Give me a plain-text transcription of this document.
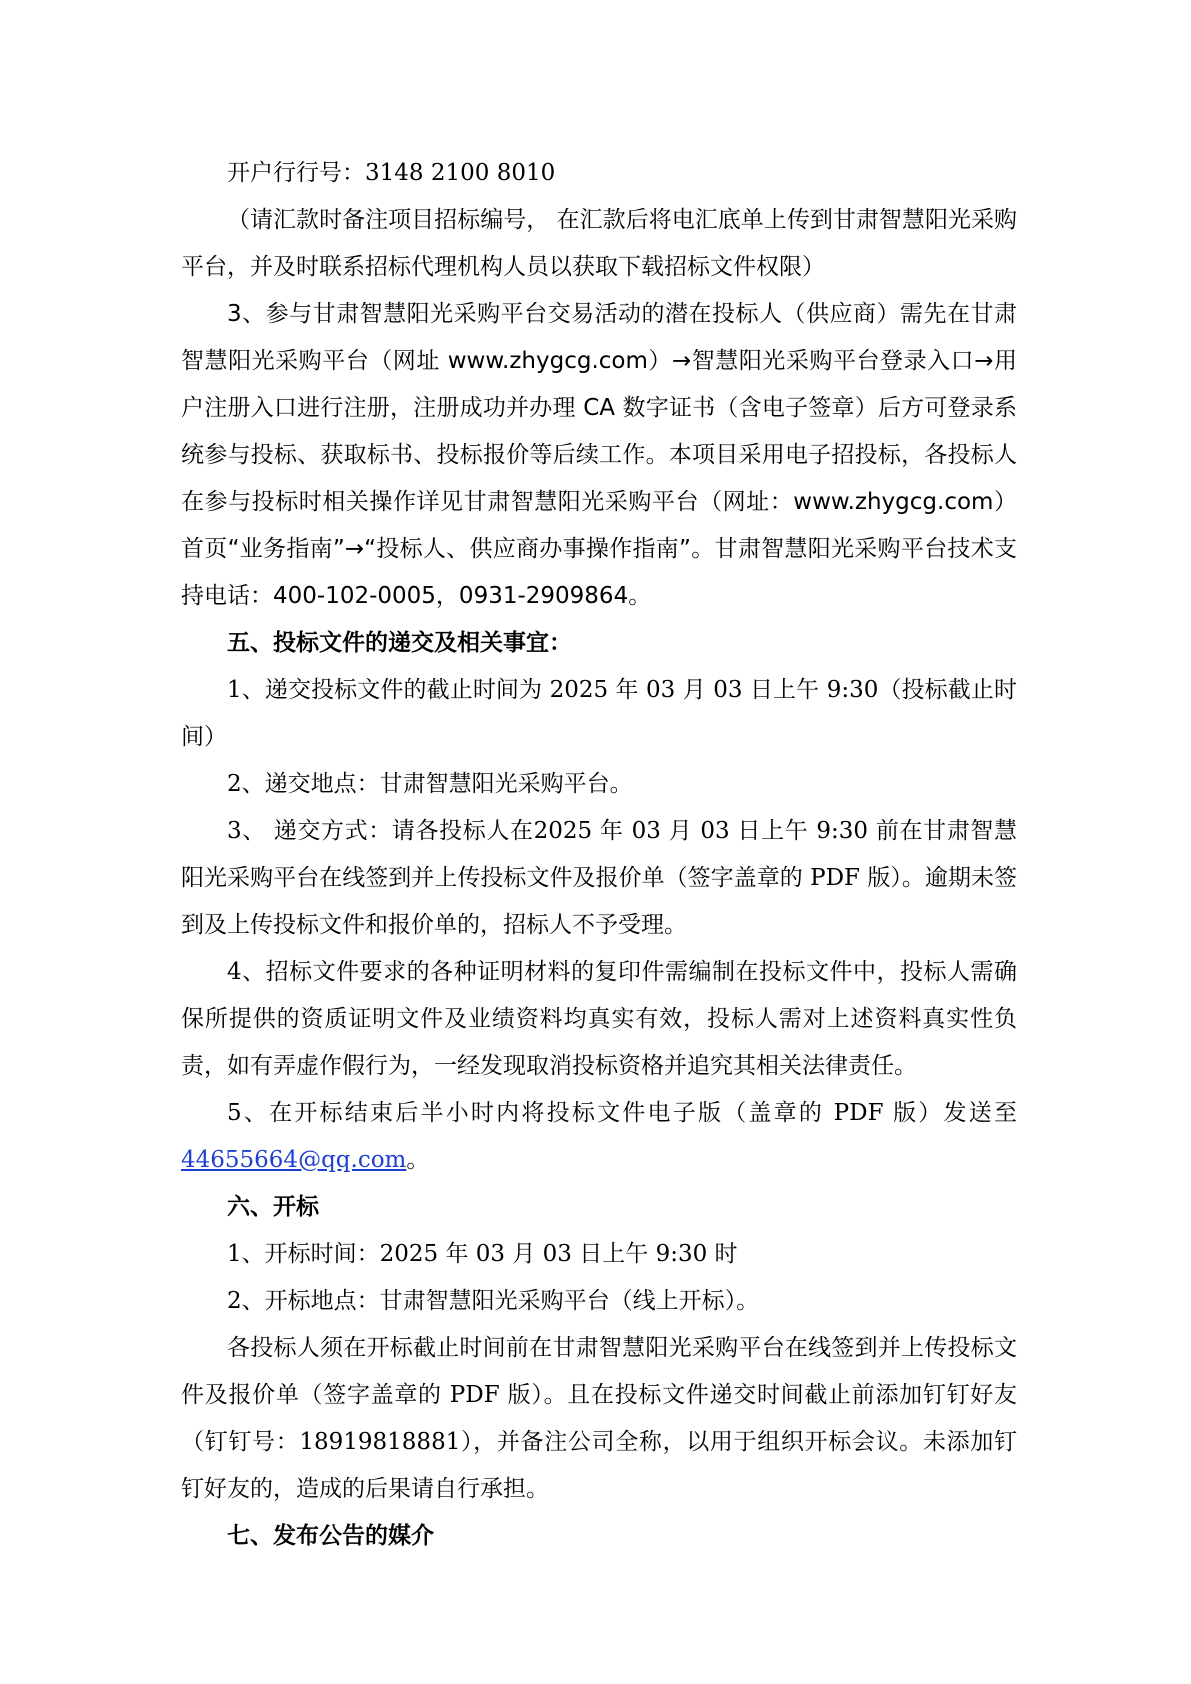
开户行行号：3148 2100 8010

（请汇款时备注项目招标编号， 在汇款后将电汇底单上传到甘肃智慧阳光采购平台，并及时联系招标代理机构人员以获取下载招标文件权限）

3、参与甘肃智慧阳光采购平台交易活动的潜在投标人（供应商）需先在甘肃智慧阳光采购平台（网址 www.zhygcg.com）→智慧阳光采购平台登录入口→用户注册入口进行注册，注册成功并办理 CA 数字证书（含电子签章）后方可登录系统参与投标、获取标书、投标报价等后续工作。本项目采用电子招投标，各投标人在参与投标时相关操作详见甘肃智慧阳光采购平台（网址：www.zhygcg.com）首页“业务指南”→“投标人、供应商办事操作指南”。甘肃智慧阳光采购平台技术支持电话：400-102-0005，0931-2909864。

五、投标文件的递交及相关事宜：

1、递交投标文件的截止时间为 2025 年 03 月 03 日上午 9:30（投标截止时间）

2、递交地点：甘肃智慧阳光采购平台。

3、 递交方式：请各投标人在2025 年 03 月 03 日上午 9:30 前在甘肃智慧阳光采购平台在线签到并上传投标文件及报价单（签字盖章的 PDF 版）。逾期未签到及上传投标文件和报价单的，招标人不予受理。

4、招标文件要求的各种证明材料的复印件需编制在投标文件中，投标人需确保所提供的资质证明文件及业绩资料均真实有效，投标人需对上述资料真实性负责，如有弄虚作假行为，一经发现取消投标资格并追究其相关法律责任。

5、在开标结束后半小时内将投标文件电子版（盖章的 PDF 版）发送至 44655664@qq.com。

六、开标

1、开标时间：2025 年 03 月 03 日上午 9:30 时

2、开标地点：甘肃智慧阳光采购平台（线上开标）。

各投标人须在开标截止时间前在甘肃智慧阳光采购平台在线签到并上传投标文件及报价单（签字盖章的 PDF 版）。且在投标文件递交时间截止前添加钉钉好友（钉钉号：18919818881），并备注公司全称，以用于组织开标会议。未添加钉钉好友的，造成的后果请自行承担。

七、发布公告的媒介
